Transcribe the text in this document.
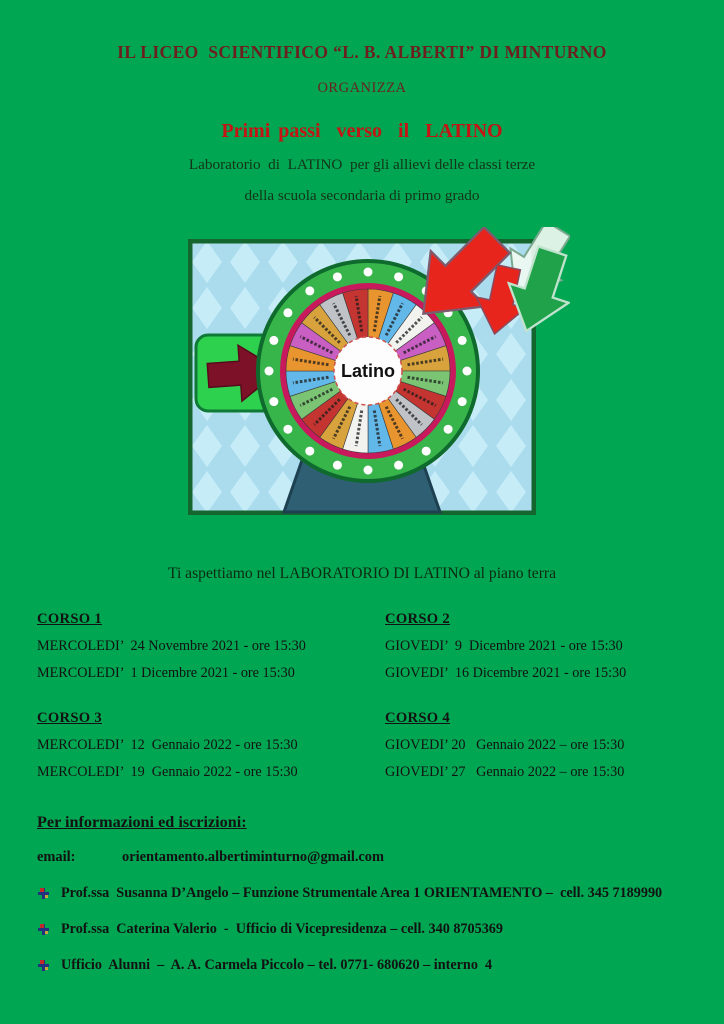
IL LICEO  SCIENTIFICO “L. B. ALBERTI” DI MINTURNO
ORGANIZZA
Primi passi  verso  il  LATINO
Laboratorio  di  LATINO  per gli allievi delle classi terze
della scuola secondaria di primo grado
Latino
Ti aspettiamo nel LABORATORIO DI LATINO al piano terra
CORSO 1
MERCOLEDI’  24 Novembre 2021 - ore 15:30
MERCOLEDI’  1 Dicembre 2021 - ore 15:30
CORSO 2
GIOVEDI’  9  Dicembre 2021 - ore 15:30
GIOVEDI’  16 Dicembre 2021 - ore 15:30
CORSO 3
MERCOLEDI’  12  Gennaio 2022 - ore 15:30
MERCOLEDI’  19  Gennaio 2022 - ore 15:30
CORSO 4
GIOVEDI’ 20   Gennaio 2022 – ore 15:30
GIOVEDI’ 27   Gennaio 2022 – ore 15:30
Per informazioni ed iscrizioni:
email:	orientamento.albertiminturno@gmail.com
Prof.ssa  Susanna D’Angelo – Funzione Strumentale Area 1 ORIENTAMENTO –  cell. 345 7189990
Prof.ssa  Caterina Valerio  -  Ufficio di Vicepresidenza – cell. 340 8705369
Ufficio  Alunni  –  A. A. Carmela Piccolo – tel. 0771- 680620 – interno  4
